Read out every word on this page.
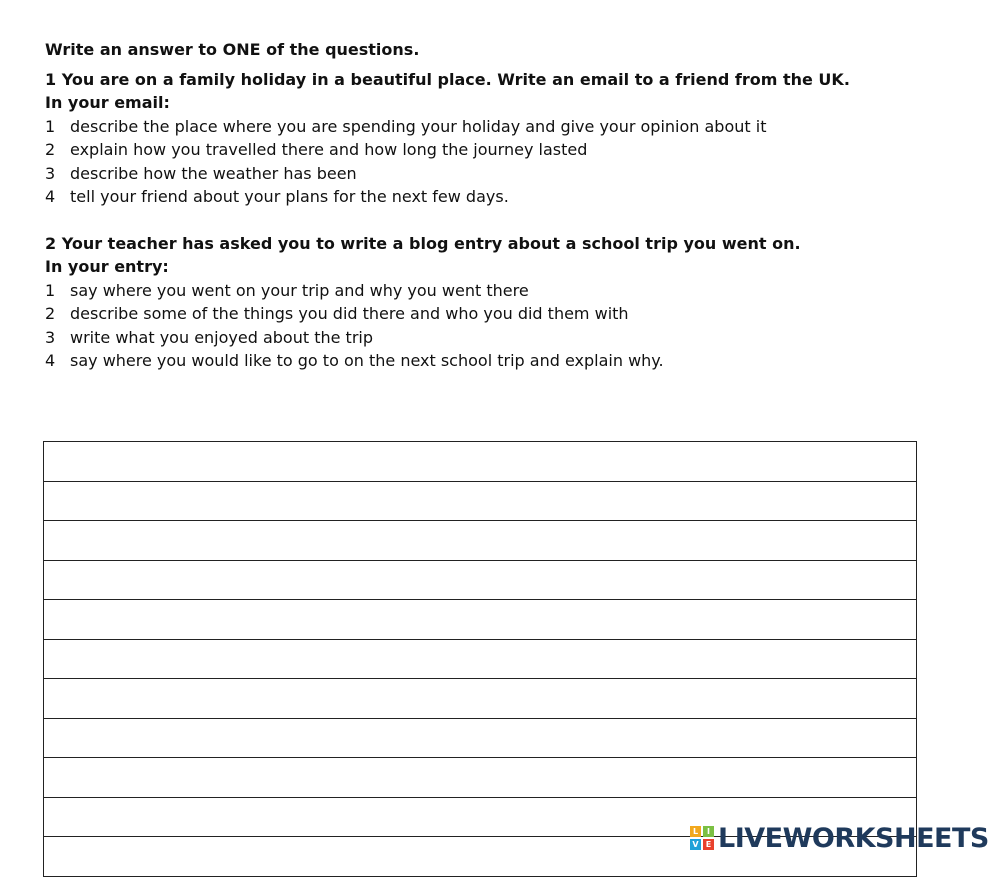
Write an answer to ONE of the questions.
1 You are on a family holiday in a beautiful place. Write an email to a friend from the UK.
In your email:
1 describe the place where you are spending your holiday and give your opinion about it
2 explain how you travelled there and how long the journey lasted
3 describe how the weather has been
4 tell your friend about your plans for the next few days.
2 Your teacher has asked you to write a blog entry about a school trip you went on.
In your entry:
1 say where you went on your trip and why you went there
2 describe some of the things you did there and who you did them with
3 write what you enjoyed about the trip
4 say where you would like to go to on the next school trip and explain why.
L	I
V E LIVEWORKSHEETS
